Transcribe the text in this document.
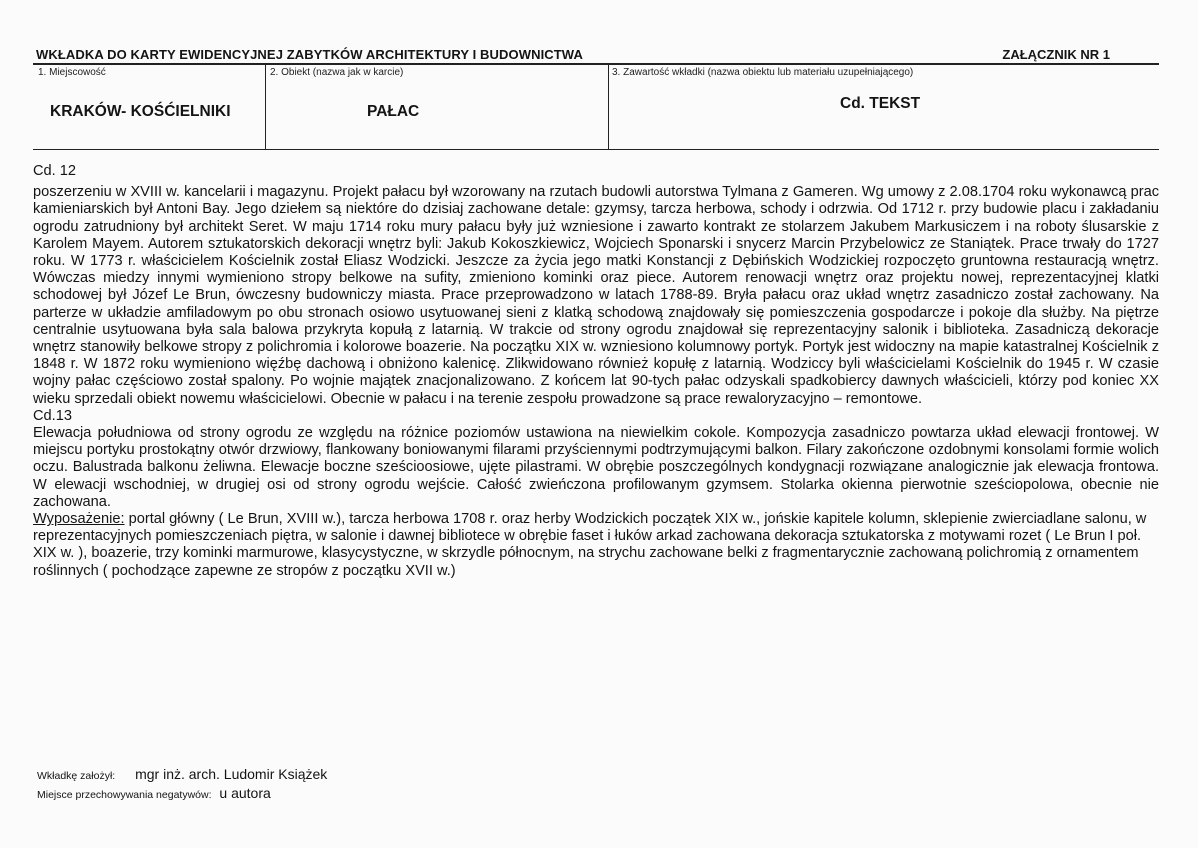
WKŁADKA DO KARTY EWIDENCYJNEJ ZABYTKÓW ARCHITEKTURY I BUDOWNICTWA	ZAŁĄCZNIK NR 1
1. Miejscowość	2. Obiekt (nazwa jak w karcie)	3. Zawartość wkładki (nazwa obiektu lub materiału uzupełniającego)
KRAKÓW- KOŚĆIELNIKI	PAŁAC	Cd. TEKST
Cd. 12

poszerzeniu w XVIII w. kancelarii i magazynu. Projekt pałacu był wzorowany na rzutach budowli autorstwa Tylmana z Gameren. Wg umowy z 2.08.1704 roku wykonawcą prac kamieniarskich był Antoni Bay. Jego dziełem są niektóre do dzisiaj zachowane detale: gzymsy, tarcza herbowa, schody i odrzwia. Od 1712 r. przy budowie placu i zakładaniu ogrodu zatrudniony był architekt Seret. W maju 1714 roku mury pałacu były już wzniesione i zawarto kontrakt ze stolarzem Jakubem Markusiczem i na roboty ślusarskie z Karolem Mayem. Autorem sztukatorskich dekoracji wnętrz byli: Jakub Kokoszkiewicz, Wojciech Sponarski i snycerz Marcin Przybelowicz ze Staniątek. Prace trwały do 1727 roku. W 1773 r. właścicielem Kościelnik został Eliasz Wodzicki. Jeszcze za życia jego matki Konstancji z Dębińskich Wodzickiej rozpoczęto gruntowna restauracją wnętrz. Wówczas miedzy innymi wymieniono stropy belkowe na sufity, zmieniono kominki oraz piece. Autorem renowacji wnętrz oraz projektu nowej, reprezentacyjnej klatki schodowej był Józef Le Brun, ówczesny budowniczy miasta. Prace przeprowadzono w latach 1788-89. Bryła pałacu oraz układ wnętrz zasadniczo został zachowany. Na parterze w układzie amfiladowym po obu stronach osiowo usytuowanej sieni z klatką schodową znajdowały się pomieszczenia gospodarcze i pokoje dla służby. Na piętrze centralnie usytuowana była sala balowa przykryta kopułą z latarnią. W trakcie od strony ogrodu znajdował się reprezentacyjny salonik i biblioteka. Zasadniczą dekoracje wnętrz stanowiły belkowe stropy z polichromia i kolorowe boazerie. Na początku XIX w. wzniesiono kolumnowy portyk. Portyk jest widoczny na mapie katastralnej Kościelnik z 1848 r. W 1872 roku wymieniono więźbę dachową i obniżono kalenicę. Zlikwidowano również kopułę z latarnią. Wodziccy byli właścicielami Kościelnik do 1945 r. W czasie wojny pałac częściowo został spalony. Po wojnie majątek znacjonalizowano. Z końcem lat 90-tych pałac odzyskali spadkobiercy dawnych właścicieli, którzy pod koniec XX wieku sprzedali obiekt nowemu właścicielowi. Obecnie w pałacu i na terenie zespołu prowadzone są prace rewaloryzacyjno – remontowe.

Cd.13

Elewacja południowa od strony ogrodu ze względu na różnice poziomów ustawiona na niewielkim cokole. Kompozycja zasadniczo powtarza układ elewacji frontowej. W miejscu portyku prostokątny otwór drzwiowy, flankowany boniowanymi filarami przyściennymi podtrzymującymi balkon. Filary zakończone ozdobnymi konsolami formie wolich oczu. Balustrada balkonu żeliwna. Elewacje boczne sześcioosiowe, ujęte pilastrami. W obrębie poszczególnych kondygnacji rozwiązane analogicznie jak elewacja frontowa. W elewacji wschodniej, w drugiej osi od strony ogrodu wejście. Całość zwieńczona profilowanym gzymsem. Stolarka okienna pierwotnie sześciopolowa, obecnie nie zachowana.

Wyposażenie: portal główny ( Le Brun, XVIII w.), tarcza herbowa 1708 r. oraz herby Wodzickich początek XIX w., jońskie kapitele kolumn, sklepienie zwierciadlane salonu, w reprezentacyjnych pomieszczeniach piętra, w salonie i dawnej bibliotece w obrębie faset i łuków arkad zachowana dekoracja sztukatorska z motywami rozet ( Le Brun I poł. XIX w. ), boazerie, trzy kominki marmurowe, klasycystyczne, w skrzydle północnym, na strychu zachowane belki z fragmentarycznie zachowaną polichromią z ornamentem roślinnych ( pochodzące zapewne ze stropów z początku XVII w.)

Wkładkę założył: mgr inż. arch. Ludomir Książek
Miejsce przechowywania negatywów: u autora
